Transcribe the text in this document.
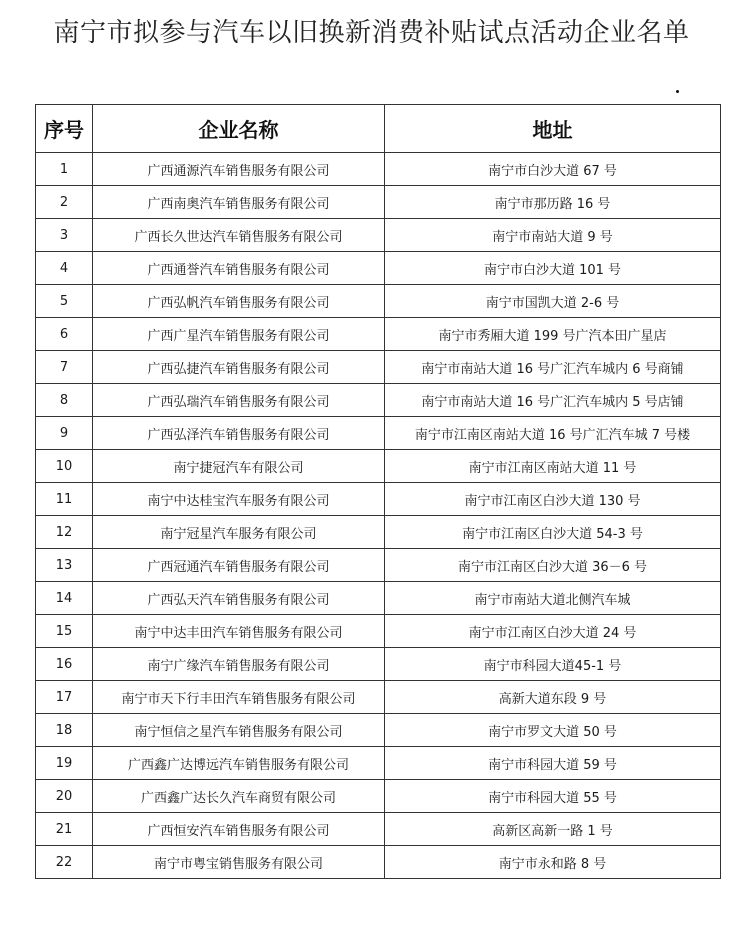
南宁市拟参与汽车以旧换新消费补贴试点活动企业名单
序号	企业名称	地址
1	广西通源汽车销售服务有限公司	南宁市白沙大道 67 号
2	广西南奥汽车销售服务有限公司	南宁市那历路 16 号
3	广西长久世达汽车销售服务有限公司	南宁市南站大道 9 号
4	广西通誉汽车销售服务有限公司	南宁市白沙大道 101 号
5	广西弘帆汽车销售服务有限公司	南宁市国凯大道 2-6 号
6	广西广星汽车销售服务有限公司	南宁市秀厢大道 199 号广汽本田广星店
7	广西弘捷汽车销售服务有限公司	南宁市南站大道 16 号广汇汽车城内 6 号商铺
8	广西弘瑞汽车销售服务有限公司	南宁市南站大道 16 号广汇汽车城内 5 号店铺
9	广西弘泽汽车销售服务有限公司	南宁市江南区南站大道 16 号广汇汽车城 7 号楼
10	南宁捷冠汽车有限公司	南宁市江南区南站大道 11 号
11	南宁中达桂宝汽车服务有限公司	南宁市江南区白沙大道 130 号
12	南宁冠星汽车服务有限公司	南宁市江南区白沙大道 54-3 号
13	广西冠通汽车销售服务有限公司	南宁市江南区白沙大道 36－6 号
14	广西弘天汽车销售服务有限公司	南宁市南站大道北侧汽车城
15	南宁中达丰田汽车销售服务有限公司	南宁市江南区白沙大道 24 号
16	南宁广缘汽车销售服务有限公司	南宁市科园大道45-1 号
17	南宁市天下行丰田汽车销售服务有限公司	高新大道东段 9 号
18	南宁恒信之星汽车销售服务有限公司	南宁市罗文大道 50 号
19	广西鑫广达博远汽车销售服务有限公司	南宁市科园大道 59 号
20	广西鑫广达长久汽车商贸有限公司	南宁市科园大道 55 号
21	广西恒安汽车销售服务有限公司	高新区高新一路 1 号
22	南宁市粤宝销售服务有限公司	南宁市永和路 8 号
